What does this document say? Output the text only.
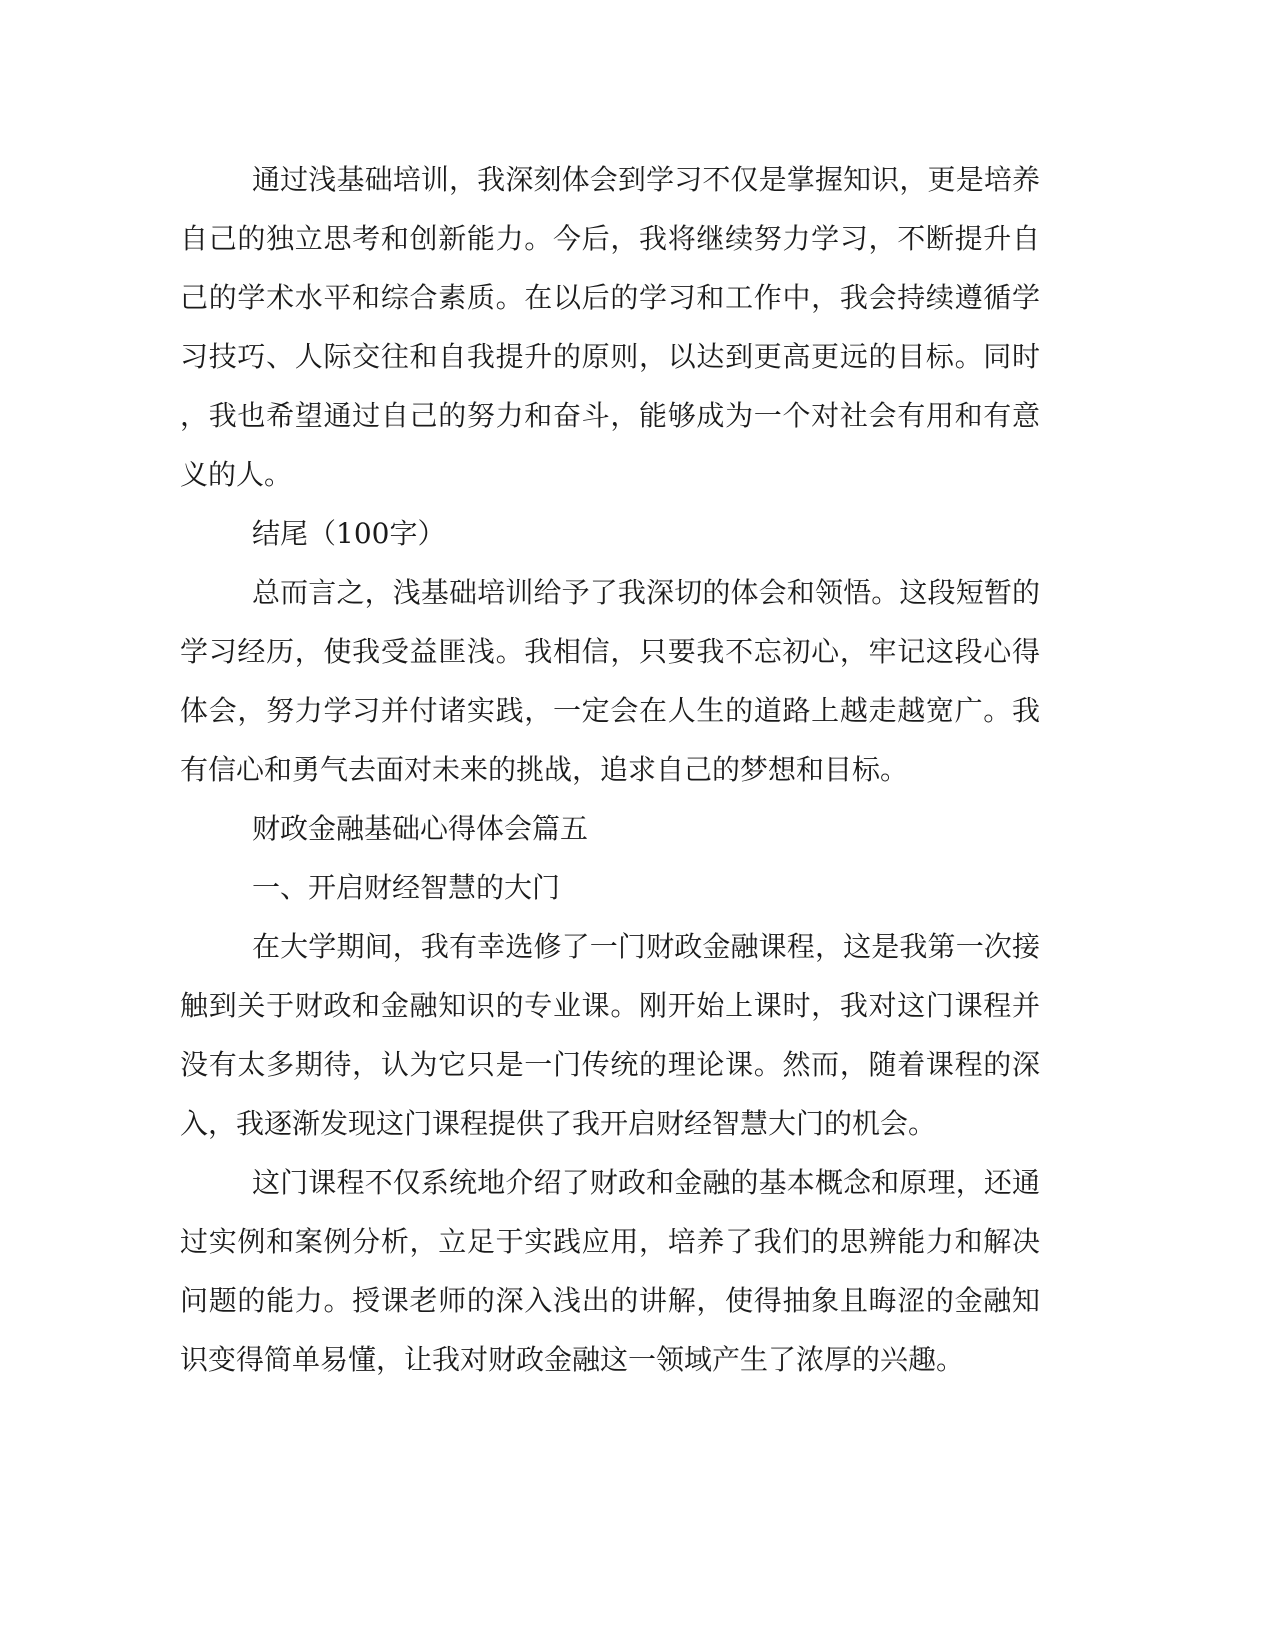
通过浅基础培训，我深刻体会到学习不仅是掌握知识，更是培养
自己的独立思考和创新能力。今后，我将继续努力学习，不断提升自
己的学术水平和综合素质。在以后的学习和工作中，我会持续遵循学
习技巧、人际交往和自我提升的原则，以达到更高更远的目标。同时
，我也希望通过自己的努力和奋斗，能够成为一个对社会有用和有意
义的人。
结尾（100字）
总而言之，浅基础培训给予了我深切的体会和领悟。这段短暂的
学习经历，使我受益匪浅。我相信，只要我不忘初心，牢记这段心得
体会，努力学习并付诸实践，一定会在人生的道路上越走越宽广。我
有信心和勇气去面对未来的挑战，追求自己的梦想和目标。
财政金融基础心得体会篇五
一、开启财经智慧的大门
在大学期间，我有幸选修了一门财政金融课程，这是我第一次接
触到关于财政和金融知识的专业课。刚开始上课时，我对这门课程并
没有太多期待，认为它只是一门传统的理论课。然而，随着课程的深
入，我逐渐发现这门课程提供了我开启财经智慧大门的机会。
这门课程不仅系统地介绍了财政和金融的基本概念和原理，还通
过实例和案例分析，立足于实践应用，培养了我们的思辨能力和解决
问题的能力。授课老师的深入浅出的讲解，使得抽象且晦涩的金融知
识变得简单易懂，让我对财政金融这一领域产生了浓厚的兴趣。
